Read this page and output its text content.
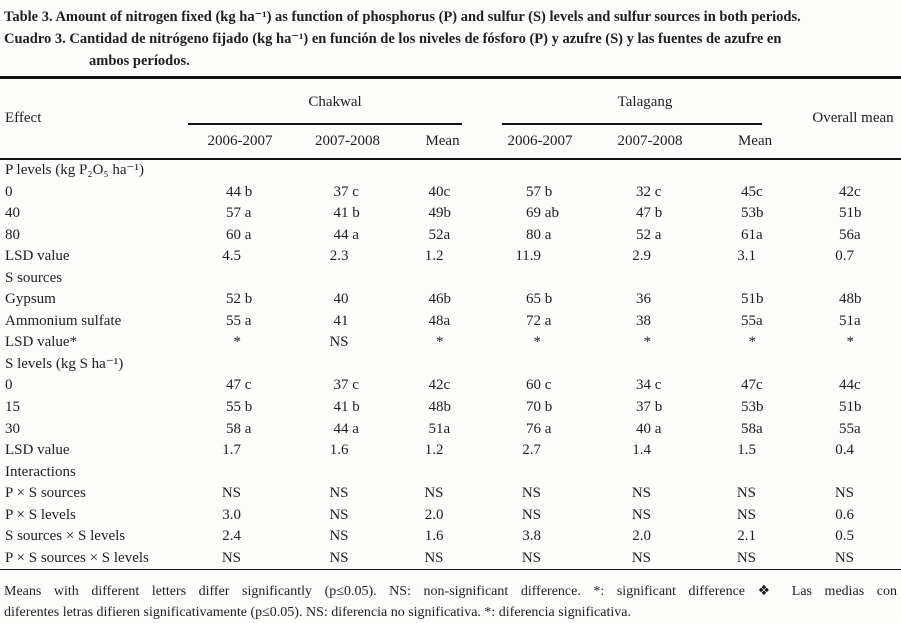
Table 3. Amount of nitrogen fixed (kg ha⁻¹) as function of phosphorus (P) and sulfur (S) levels and sulfur sources in both periods.
Cuadro 3. Cantidad de nitrógeno fijado (kg ha⁻¹) en función de los niveles de fósforo (P) y azufre (S) y las fuentes de azufre en
ambos períodos.
Effect	Chakwal			Talagang			Overall mean
	2006-2007	2007-2008	Mean	2006-2007	2007-2008	Mean	
P levels (kg P₂O₅ ha⁻¹)							
0	44 b	37 c	40c	57 b	32 c	45c	42c
40	57 a	41 b	49b	69 ab	47 b	53b	51b
80	60 a	44 a	52a	80 a	52 a	61a	56a
LSD value	4.5	2.3	1.2	11.9	2.9	3.1	0.7
S sources							
Gypsum	52 b	40	46b	65 b	36	51b	48b
Ammonium sulfate	55 a	41	48a	72 a	38	55a	51a
LSD value*	*	NS	*	*	*	*	*
S levels (kg S ha⁻¹)							
0	47 c	37 c	42c	60 c	34 c	47c	44c
15	55 b	41 b	48b	70 b	37 b	53b	51b
30	58 a	44 a	51a	76 a	40 a	58a	55a
LSD value	1.7	1.6	1.2	2.7	1.4	1.5	0.4
Interactions							
P × S sources	NS	NS	NS	NS	NS	NS	NS
P × S levels	3.0	NS	2.0	NS	NS	NS	0.6
S sources × S levels	2.4	NS	1.6	3.8	2.0	2.1	0.5
P × S sources × S levels	NS	NS	NS	NS	NS	NS	NS
Means with different letters differ significantly (p≤0.05). NS: non-significant difference. *: significant difference ❖ Las medias con
diferentes letras difieren significativamente (p≤0.05). NS: diferencia no significativa. *: diferencia significativa.
